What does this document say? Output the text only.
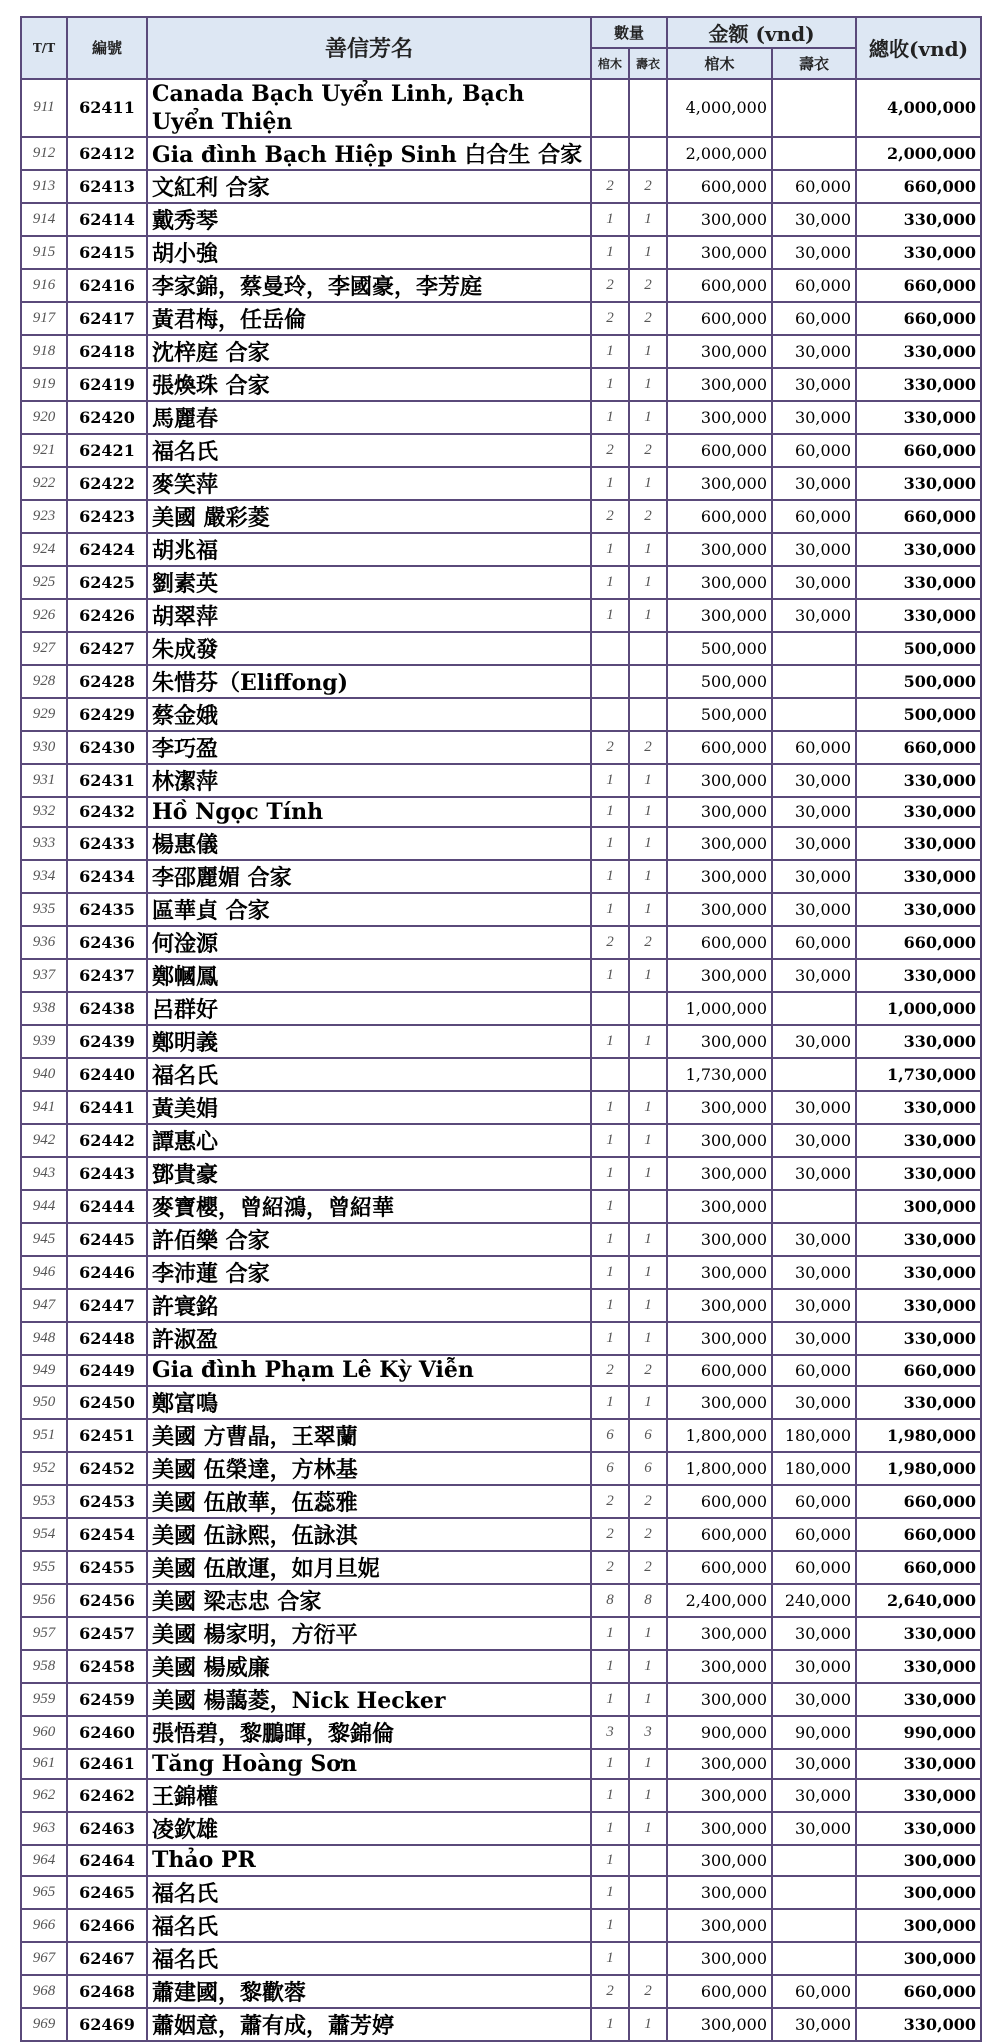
T/T	編號	善信芳名	數量		金额 (vnd)		總收(vnd)
			棺木	壽衣	棺木	壽衣	
911	62411	Canada Bạch Uyển Linh, Bạch Uyển Thiện			4,000,000		4,000,000
912	62412	Gia đình Bạch Hiệp Sinh 白合生 合家			2,000,000		2,000,000
913	62413	文紅利 合家	2	2	600,000	60,000	660,000
914	62414	戴秀琴	1	1	300,000	30,000	330,000
915	62415	胡小強	1	1	300,000	30,000	330,000
916	62416	李家錦，蔡曼玲，李國豪，李芳庭	2	2	600,000	60,000	660,000
917	62417	黃君梅，任岳倫	2	2	600,000	60,000	660,000
918	62418	沈梓庭 合家	1	1	300,000	30,000	330,000
919	62419	張煥珠 合家	1	1	300,000	30,000	330,000
920	62420	馬麗春	1	1	300,000	30,000	330,000
921	62421	福名氏	2	2	600,000	60,000	660,000
922	62422	麥笑萍	1	1	300,000	30,000	330,000
923	62423	美國 嚴彩菱	2	2	600,000	60,000	660,000
924	62424	胡兆福	1	1	300,000	30,000	330,000
925	62425	劉素英	1	1	300,000	30,000	330,000
926	62426	胡翠萍	1	1	300,000	30,000	330,000
927	62427	朱成發			500,000		500,000
928	62428	朱惜芬（Eliffong)			500,000		500,000
929	62429	蔡金娥			500,000		500,000
930	62430	李巧盈	2	2	600,000	60,000	660,000
931	62431	林潔萍	1	1	300,000	30,000	330,000
932	62432	Hồ Ngọc Tính	1	1	300,000	30,000	330,000
933	62433	楊惠儀	1	1	300,000	30,000	330,000
934	62434	李邵麗媚 合家	1	1	300,000	30,000	330,000
935	62435	區華貞 合家	1	1	300,000	30,000	330,000
936	62436	何淦源	2	2	600,000	60,000	660,000
937	62437	鄭幗鳳	1	1	300,000	30,000	330,000
938	62438	呂群好			1,000,000		1,000,000
939	62439	鄭明義	1	1	300,000	30,000	330,000
940	62440	福名氏			1,730,000		1,730,000
941	62441	黃美娟	1	1	300,000	30,000	330,000
942	62442	譚惠心	1	1	300,000	30,000	330,000
943	62443	鄧貴豪	1	1	300,000	30,000	330,000
944	62444	麥寶櫻，曾紹鴻，曾紹華	1		300,000		300,000
945	62445	許佰樂 合家	1	1	300,000	30,000	330,000
946	62446	李沛蓮 合家	1	1	300,000	30,000	330,000
947	62447	許寰銘	1	1	300,000	30,000	330,000
948	62448	許淑盈	1	1	300,000	30,000	330,000
949	62449	Gia đình Phạm Lê Kỳ Viễn	2	2	600,000	60,000	660,000
950	62450	鄭富鳴	1	1	300,000	30,000	330,000
951	62451	美國 方曹晶，王翠蘭	6	6	1,800,000	180,000	1,980,000
952	62452	美國 伍榮達，方林基	6	6	1,800,000	180,000	1,980,000
953	62453	美國 伍啟華，伍蕊雅	2	2	600,000	60,000	660,000
954	62454	美國 伍詠熙，伍詠淇	2	2	600,000	60,000	660,000
955	62455	美國 伍啟運，如月旦妮	2	2	600,000	60,000	660,000
956	62456	美國 梁志忠 合家	8	8	2,400,000	240,000	2,640,000
957	62457	美國 楊家明，方衍平	1	1	300,000	30,000	330,000
958	62458	美國 楊威廉	1	1	300,000	30,000	330,000
959	62459	美國 楊藹菱，Nick Hecker	1	1	300,000	30,000	330,000
960	62460	張悟碧，黎鵬暉，黎錦倫	3	3	900,000	90,000	990,000
961	62461	Tăng Hoàng Sơn	1	1	300,000	30,000	330,000
962	62462	王錦權	1	1	300,000	30,000	330,000
963	62463	凌欽雄	1	1	300,000	30,000	330,000
964	62464	Thảo PR	1		300,000		300,000
965	62465	福名氏	1		300,000		300,000
966	62466	福名氏	1		300,000		300,000
967	62467	福名氏	1		300,000		300,000
968	62468	蕭建國，黎歡蓉	2	2	600,000	60,000	660,000
969	62469	蕭姻意，蕭有成，蕭芳婷	1	1	300,000	30,000	330,000
